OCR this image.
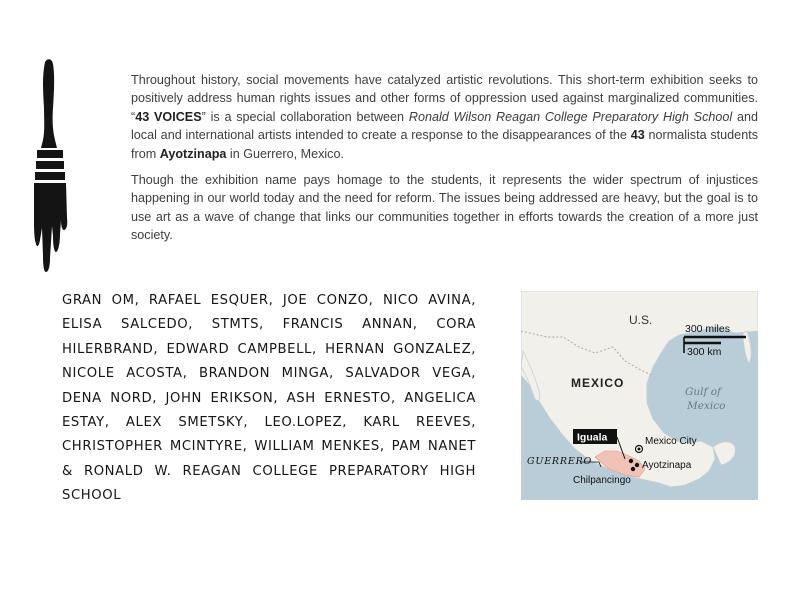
Throughout history, social movements have catalyzed artistic revolutions. This short-term exhibition seeks to positively address human rights issues and other forms of oppression used against marginalized communities. “43 VOICES” is a special collaboration between Ronald Wilson Reagan College Preparatory High School and local and international artists intended to create a response to the disappearances of the 43 normalista students from Ayotzinapa in Guerrero, Mexico.

Though the exhibition name pays homage to the students, it represents the wider spectrum of injustices happening in our world today and the need for reform. The issues being addressed are heavy, but the goal is to use art as a wave of change that links our communities together in efforts towards the creation of a more just society.

GRAN OM, RAFAEL ESQUER, JOE CONZO, NICO AVINA, ELISA SALCEDO, STMTS, FRANCIS ANNAN, CORA HILERBRAND, EDWARD CAMPBELL, HERNAN GONZALEZ, NICOLE ACOSTA, BRANDON MINGA, SALVADOR VEGA, DENA NORD, JOHN ERIKSON, ASH ERNESTO, ANGELICA ESTAY, ALEX SMETSKY, LEO.LOPEZ, KARL REEVES, CHRISTOPHER MCINTYRE, WILLIAM MENKES, PAM NANET & RONALD W. REAGAN COLLEGE PREPARATORY HIGH SCHOOL
300 miles
300 km
U.S.
MEXICO
Gulf of
Mexico
Iguala	Mexico City
GUERRERO	Ayotzinapa
Chilpancingo
